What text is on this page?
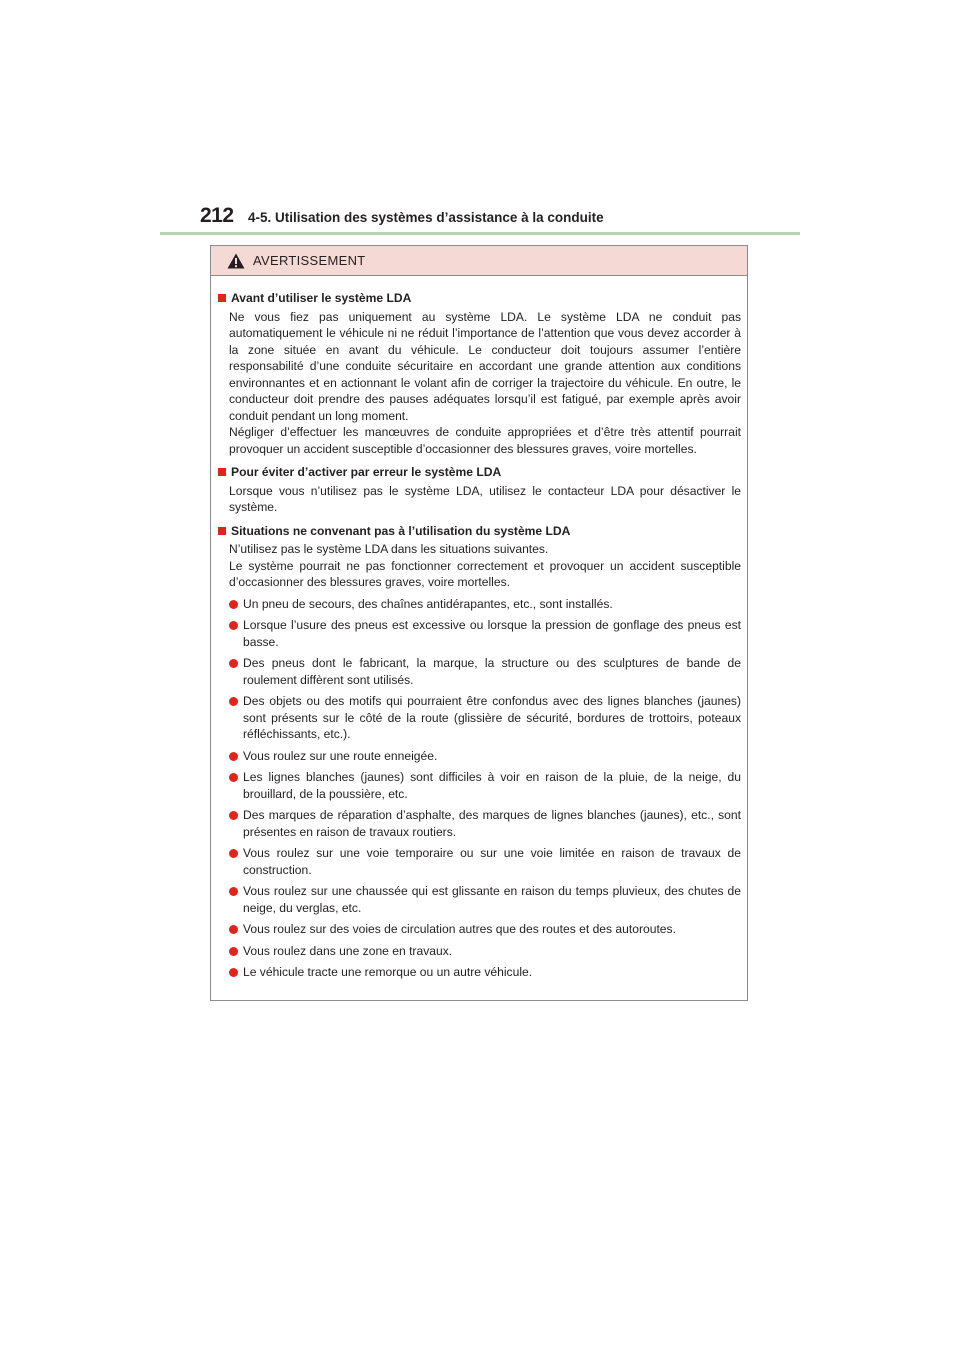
212 4-5. Utilisation des systèmes d’assistance à la conduite
AVERTISSEMENT
Avant d’utiliser le système LDA

Ne vous fiez pas uniquement au système LDA. Le système LDA ne conduit pas automatiquement le véhicule ni ne réduit l’importance de l’attention que vous devez accorder à la zone située en avant du véhicule. Le conducteur doit toujours assumer l’entière responsabilité d’une conduite sécuritaire en accordant une grande attention aux conditions environnantes et en actionnant le volant afin de corriger la trajectoire du véhicule. En outre, le conducteur doit prendre des pauses adéquates lorsqu’il est fatigué, par exemple après avoir conduit pendant un long moment.

Négliger d’effectuer les manœuvres de conduite appropriées et d’être très attentif pourrait provoquer un accident susceptible d’occasionner des blessures graves, voire mortelles.

Pour éviter d’activer par erreur le système LDA

Lorsque vous n’utilisez pas le système LDA, utilisez le contacteur LDA pour désactiver le système.

Situations ne convenant pas à l’utilisation du système LDA

N’utilisez pas le système LDA dans les situations suivantes.

Le système pourrait ne pas fonctionner correctement et provoquer un accident susceptible d’occasionner des blessures graves, voire mortelles.

Un pneu de secours, des chaînes antidérapantes, etc., sont installés.
Lorsque l’usure des pneus est excessive ou lorsque la pression de gonflage des pneus est basse.
Des pneus dont le fabricant, la marque, la structure ou des sculptures de bande de roulement diffèrent sont utilisés.
Des objets ou des motifs qui pourraient être confondus avec des lignes blanches (jaunes) sont présents sur le côté de la route (glissière de sécurité, bordures de trottoirs, poteaux réfléchissants, etc.).
Vous roulez sur une route enneigée.
Les lignes blanches (jaunes) sont difficiles à voir en raison de la pluie, de la neige, du brouillard, de la poussière, etc.
Des marques de réparation d’asphalte, des marques de lignes blanches (jaunes), etc., sont présentes en raison de travaux routiers.
Vous roulez sur une voie temporaire ou sur une voie limitée en raison de travaux de construction.
Vous roulez sur une chaussée qui est glissante en raison du temps pluvieux, des chutes de neige, du verglas, etc.
Vous roulez sur des voies de circulation autres que des routes et des autoroutes.
Vous roulez dans une zone en travaux.
Le véhicule tracte une remorque ou un autre véhicule.
